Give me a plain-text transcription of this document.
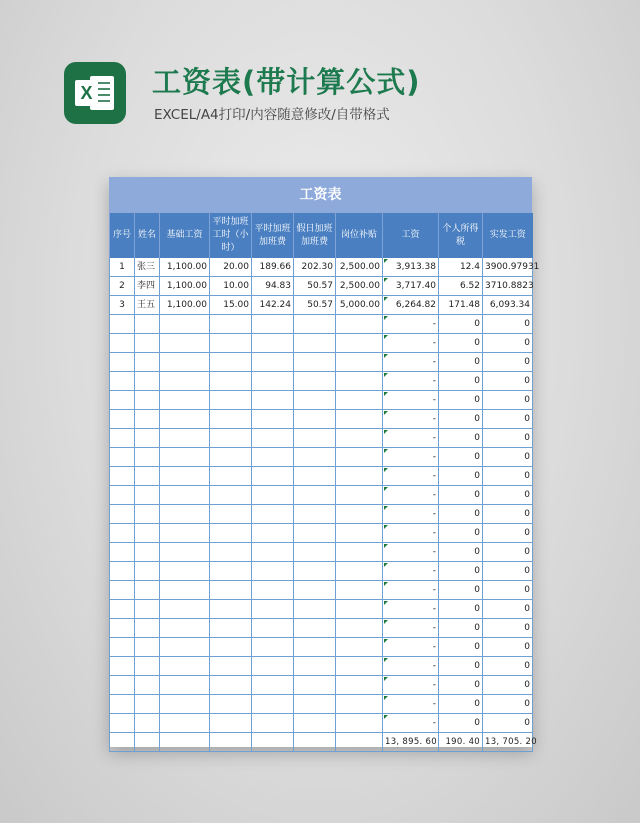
X 工资表(带计算公式)
EXCEL/A4打印/内容随意修改/自带格式
工资表
序号	姓名	基础工资	平时加班工时（小时）	平时加班加班费	假日加班加班费	岗位补贴	工资	个人所得税	实发工资
1	张三	1,100.00	20.00	189.66	202.30	2,500.00	3,913.38	12.4	3900.97931
2	李四	1,100.00	10.00	94.83	50.57	2,500.00	3,717.40	6.52	3710.8823
3	王五	1,100.00	15.00	142.24	50.57	5,000.00	6,264.82	171.48	6,093.34
							-	0	0
							-	0	0
							-	0	0
							-	0	0
							-	0	0
							-	0	0
							-	0	0
							-	0	0
							-	0	0
							-	0	0
							-	0	0
							-	0	0
							-	0	0
							-	0	0
							-	0	0
							-	0	0
							-	0	0
							-	0	0
							-	0	0
							-	0	0
							-	0	0
							-	0	0
							13, 895. 60	190. 40	13, 705. 20
